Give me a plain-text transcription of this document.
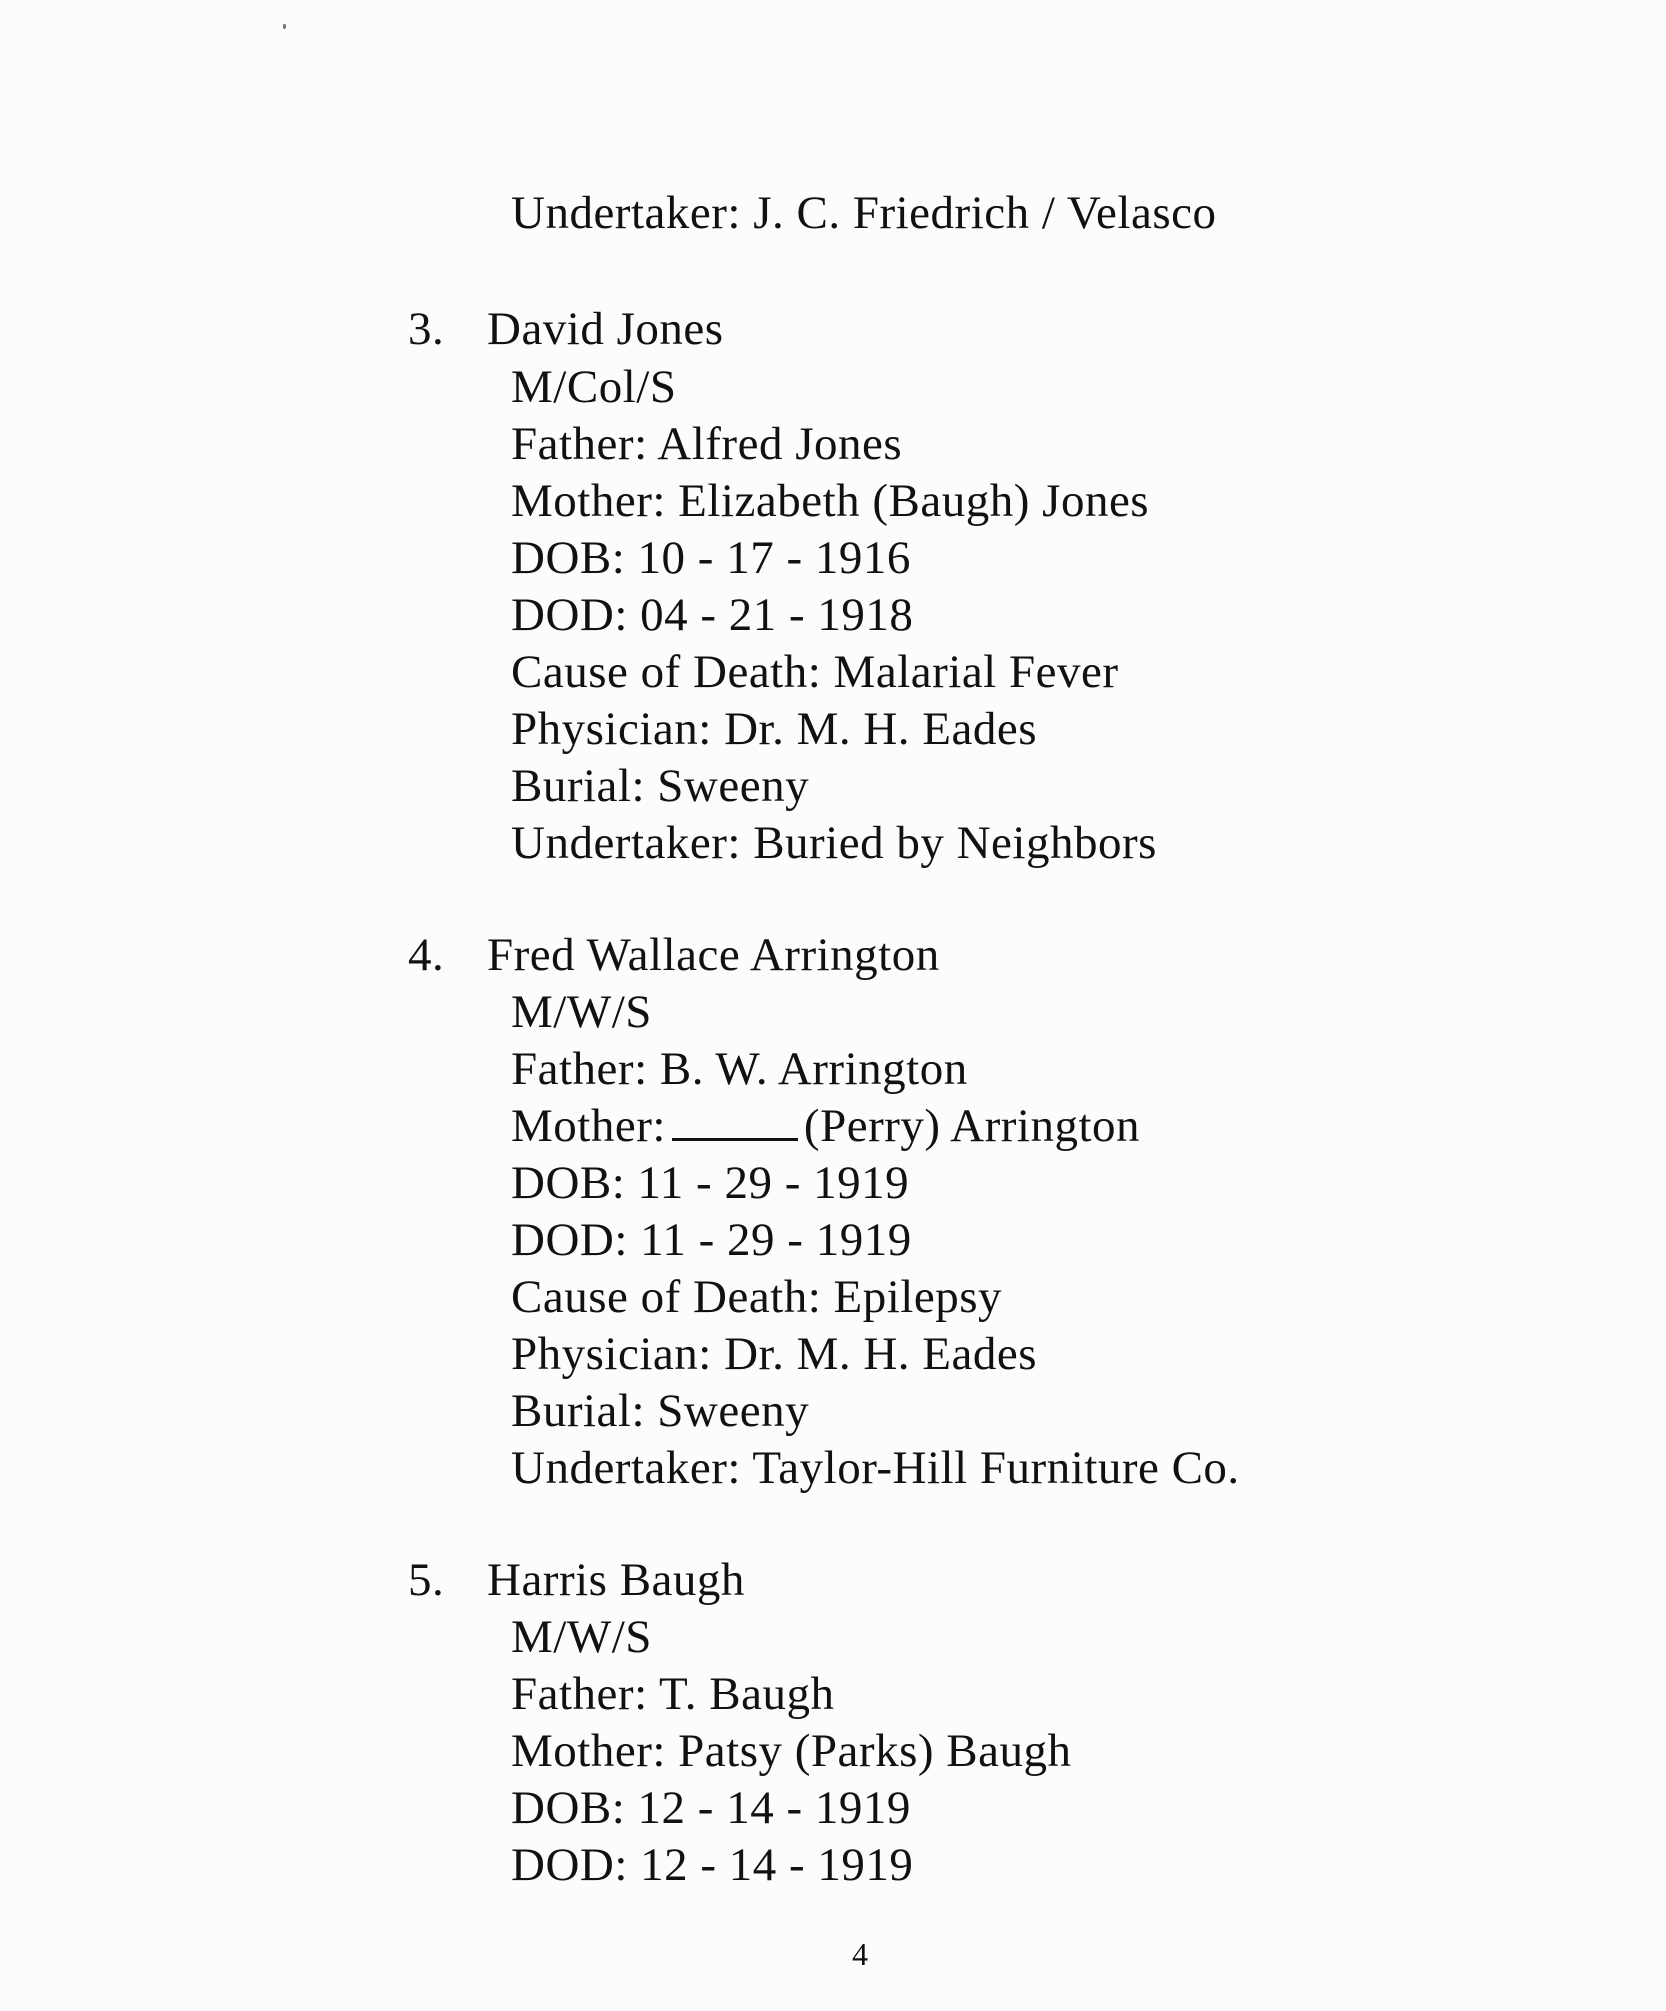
Undertaker: J. C. Friedrich / Velasco
3. David Jones
M/Col/S
Father: Alfred Jones
Mother: Elizabeth (Baugh) Jones
DOB: 10 - 17 - 1916
DOD: 04 - 21 - 1918
Cause of Death: Malarial Fever
Physician: Dr. M. H. Eades
Burial: Sweeny
Undertaker: Buried by Neighbors
4. Fred Wallace Arrington
M/W/S
Father: B. W. Arrington
Mother:	(Perry) Arrington
DOB: 11 - 29 - 1919
DOD: 11 - 29 - 1919
Cause of Death: Epilepsy
Physician: Dr. M. H. Eades
Burial: Sweeny
Undertaker: Taylor-Hill Furniture Co.
5. Harris Baugh
M/W/S
Father: T. Baugh
Mother: Patsy (Parks) Baugh
DOB: 12 - 14 - 1919
DOD: 12 - 14 - 1919
4
